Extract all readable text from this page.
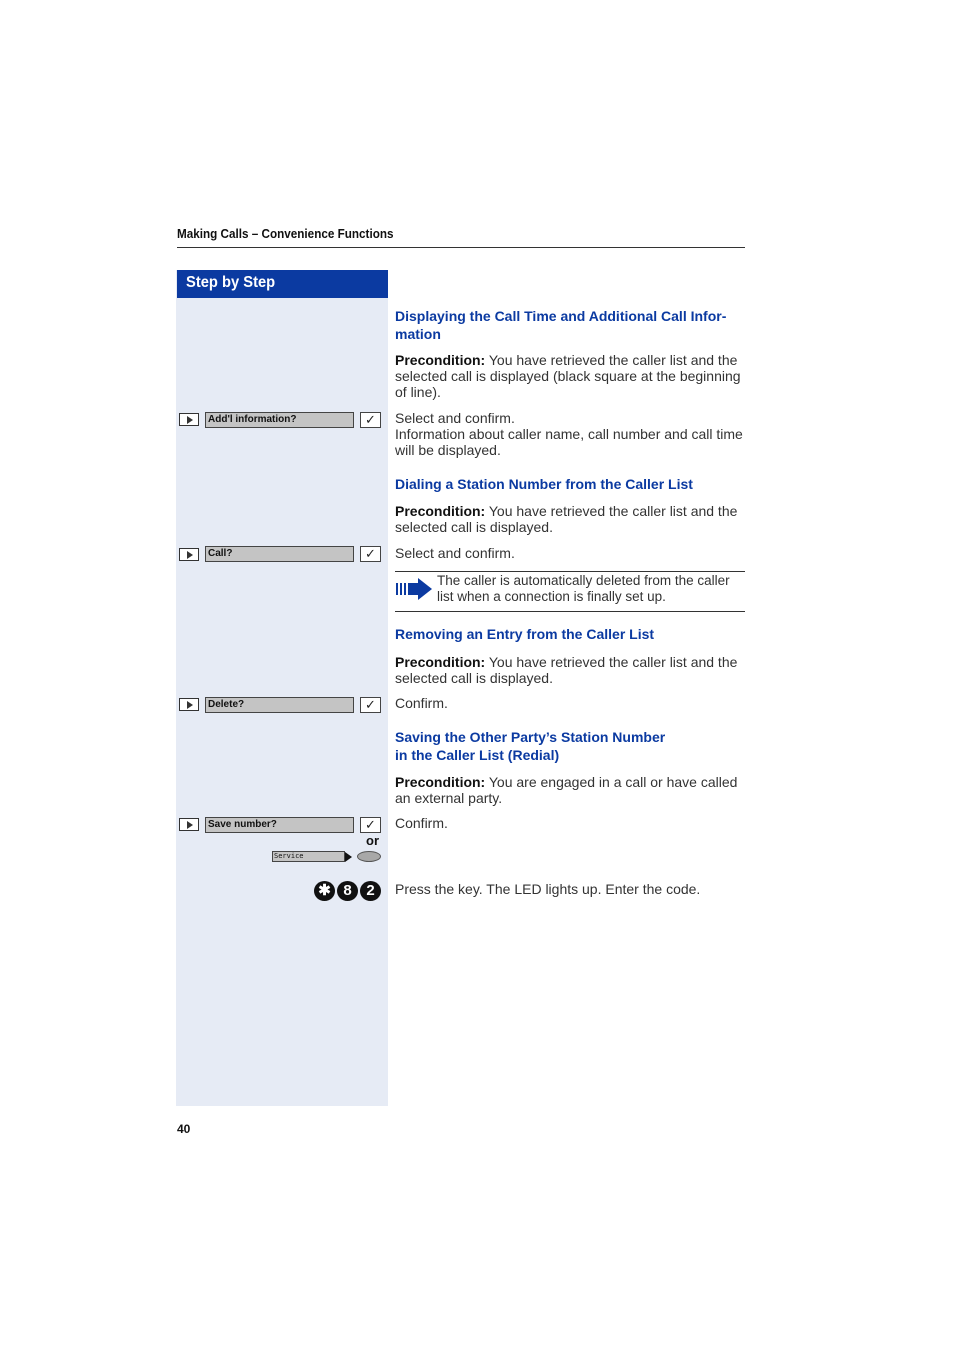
Making Calls – Convenience Functions
Step by Step
Displaying the Call Time and Additional Call Infor-
mation
Precondition: You have retrieved the caller list and the selected call is displayed (black square at the beginning of line).
Add'l information?	✓	Select and confirm.
Information about caller name, call number and call time will be displayed.
Dialing a Station Number from the Caller List
Precondition: You have retrieved the caller list and the selected call is displayed.
Call?	✓	Select and confirm.
The caller is automatically deleted from the caller list when a connection is finally set up.
Removing an Entry from the Caller List
Precondition: You have retrieved the caller list and the selected call is displayed.
Delete?	✓	Confirm.
Saving the Other Party’s Station Number
in the Caller List (Redial)
Precondition: You are engaged in a call or have called an external party.
Save number?	✓	Confirm.
or
Service
✱ 8 2	Press the key. The LED lights up. Enter the code.
40
